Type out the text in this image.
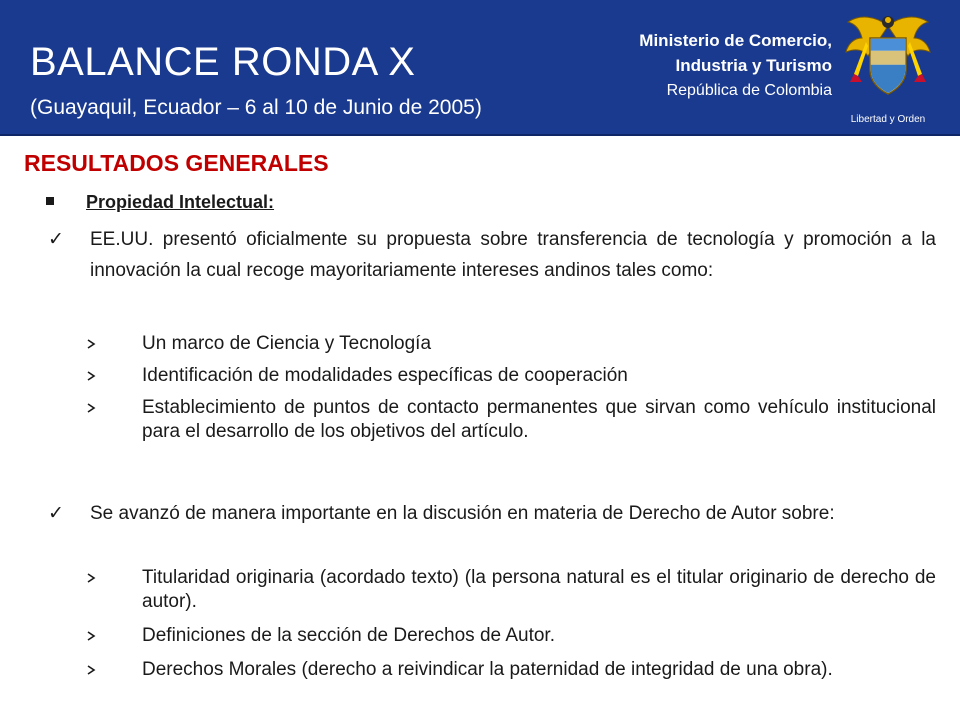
BALANCE RONDA X
(Guayaquil, Ecuador – 6 al 10 de Junio de 2005)
Ministerio de Comercio,
Industria y Turismo
República de Colombia
Libertad y Orden
RESULTADOS GENERALES
Propiedad Intelectual:
✓	EE.UU. presentó oficialmente su propuesta sobre transferencia de tecnología y promoción a la innovación la cual recoge mayoritariamente intereses andinos tales como:
Un marco de Ciencia y Tecnología
Identificación de modalidades específicas de cooperación
Establecimiento de puntos de contacto permanentes que sirvan como vehículo institucional para el desarrollo de los objetivos del artículo.
✓	Se avanzó de manera importante en la discusión en materia de Derecho de Autor sobre:
Titularidad originaria (acordado texto) (la persona natural es el titular originario de derecho de autor).
Definiciones de la sección de Derechos de Autor.
Derechos Morales (derecho a reivindicar la paternidad de integridad de una obra).
